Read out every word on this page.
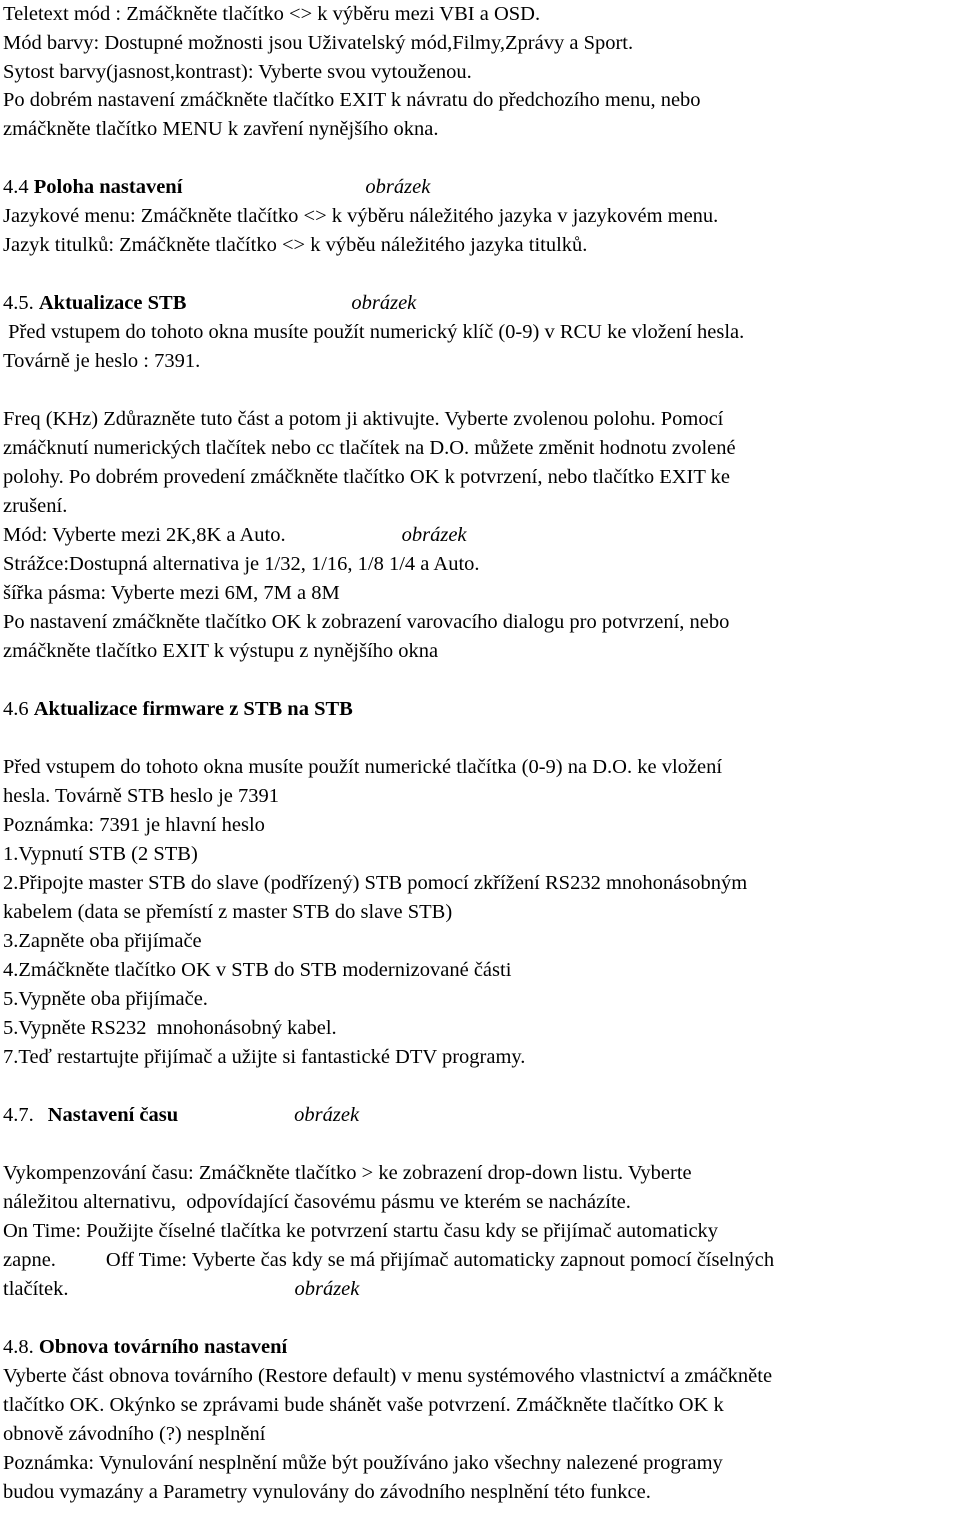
Teletext mód : Zmáčkněte tlačítko <> k výběru mezi VBI a OSD.
Mód barvy: Dostupné možnosti jsou Uživatelský mód,Filmy,Zprávy a Sport.
Sytost barvy(jasnost,kontrast): Vyberte svou vytouženou.
Po dobrém nastavení zmáčkněte tlačítko EXIT k návratu do předchozího menu, nebo
zmáčkněte tlačítko MENU k zavření nynějšího okna.
4.4 Poloha nastavení	obrázek
Jazykové menu: Zmáčkněte tlačítko <> k výběru náležitého jazyka v jazykovém menu.
Jazyk titulků: Zmáčkněte tlačítko <> k výběu náležitého jazyka titulků.
4.5. Aktualizace STB	obrázek
Před vstupem do tohoto okna musíte použít numerický klíč (0-9) v RCU ke vložení hesla.
Továrně je heslo : 7391.
Freq (KHz) Zdůrazněte tuto část a potom ji aktivujte. Vyberte zvolenou polohu. Pomocí
zmáčknutí numerických tlačítek nebo cc tlačítek na D.O. můžete změnit hodnotu zvolené
polohy. Po dobrém provedení zmáčkněte tlačítko OK k potvrzení, nebo tlačítko EXIT ke
zrušení.
Mód: Vyberte mezi 2K,8K a Auto.	obrázek
Strážce:Dostupná alternativa je 1/32, 1/16, 1/8 1/4 a Auto.
šířka pásma: Vyberte mezi 6M, 7M a 8M
Po nastavení zmáčkněte tlačítko OK k zobrazení varovacího dialogu pro potvrzení, nebo
zmáčkněte tlačítko EXIT k výstupu z nynějšího okna
4.6 Aktualizace firmware z STB na STB
Před vstupem do tohoto okna musíte použít numerické tlačítka (0-9) na D.O. ke vložení
hesla. Továrně STB heslo je 7391
Poznámka: 7391 je hlavní heslo
1.Vypnutí STB (2 STB)
2.Připojte master STB do slave (podřízený) STB pomocí zkřížení RS232 mnohonásobným
kabelem (data se přemístí z master STB do slave STB)
3.Zapněte oba přijímače
4.Zmáčkněte tlačítko OK v STB do STB modernizované části
5.Vypněte oba přijímače.
5.Vypněte RS232  mnohonásobný kabel.
7.Teď restartujte přijímač a užijte si fantastické DTV programy.
4.7. Nastavení času	obrázek
Vykompenzování času: Zmáčkněte tlačítko > ke zobrazení drop-down listu. Vyberte
náležitou alternativu,  odpovídající časovému pásmu ve kterém se nacházíte.
On Time: Použijte číselné tlačítka ke potvrzení startu času kdy se přijímač automaticky
zapne. Off Time: Vyberte čas kdy se má přijímač automaticky zapnout pomocí číselných
tlačítek.	obrázek
4.8. Obnova továrního nastavení
Vyberte část obnova továrního (Restore default) v menu systémového vlastnictví a zmáčkněte
tlačítko OK. Okýnko se zprávami bude shánět vaše potvrzení. Zmáčkněte tlačítko OK k
obnově závodního (?) nesplnění
Poznámka: Vynulování nesplnění může být používáno jako všechny nalezené programy
budou vymazány a Parametry vynulovány do závodního nesplnění této funkce.
